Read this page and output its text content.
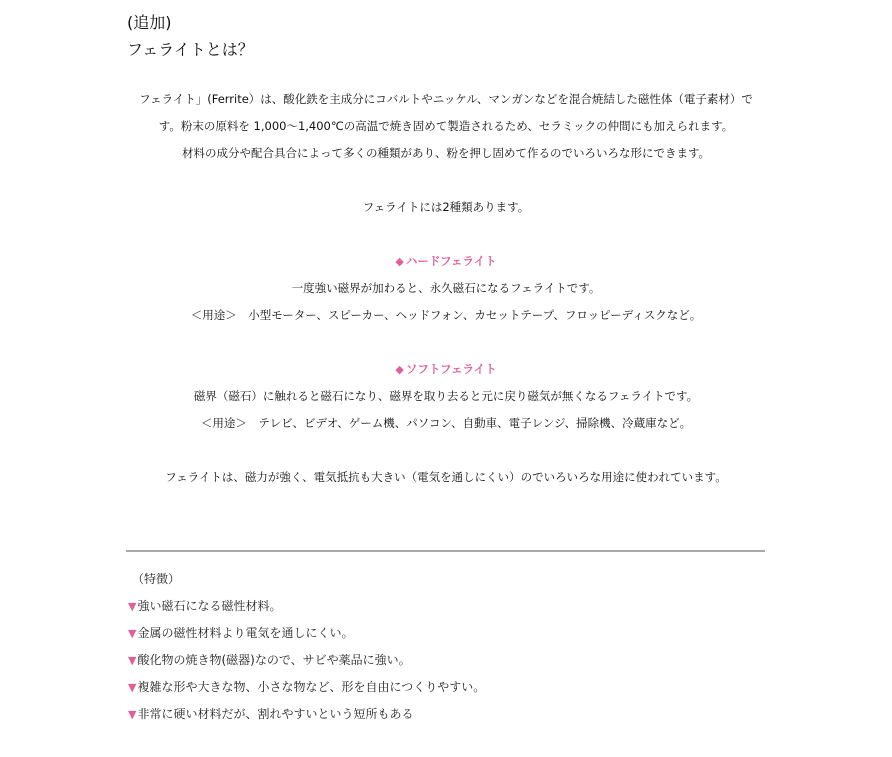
(追加)
フェライトとは？
フェライト」(Ferrite）は、酸化鉄を主成分にコバルトやニッケル、マンガンなどを混合焼結した磁性体（電子素材）で
す。粉末の原料を 1,000〜1,400℃の高温で焼き固めて製造されるため、セラミックの仲間にも加えられます。
材料の成分や配合具合によって多くの種類があり、粉を押し固めて作るのでいろいろな形にできます。
フェライトには2種類あります。
◆ ハードフェライト
一度強い磁界が加わると、永久磁石になるフェライトです。
＜用途＞　小型モーター、スピーカー、ヘッドフォン、カセットテープ、フロッピーディスクなど。
◆ ソフトフェライト
磁界（磁石）に触れると磁石になり、磁界を取り去ると元に戻り磁気が無くなるフェライトです。
＜用途＞　テレビ、ビデオ、ゲーム機、パソコン、自動車、電子レンジ、掃除機、冷蔵庫など。
フェライトは、磁力が強く、電気抵抗も大きい（電気を通しにくい）のでいろいろな用途に使われています。
（特徴）
▼強い磁石になる磁性材料。
▼金属の磁性材料より電気を通しにくい。
▼酸化物の焼き物(磁器)なので、サビや薬品に強い。
▼複雑な形や大きな物、小さな物など、形を自由につくりやすい。
▼非常に硬い材料だが、割れやすいという短所もある
